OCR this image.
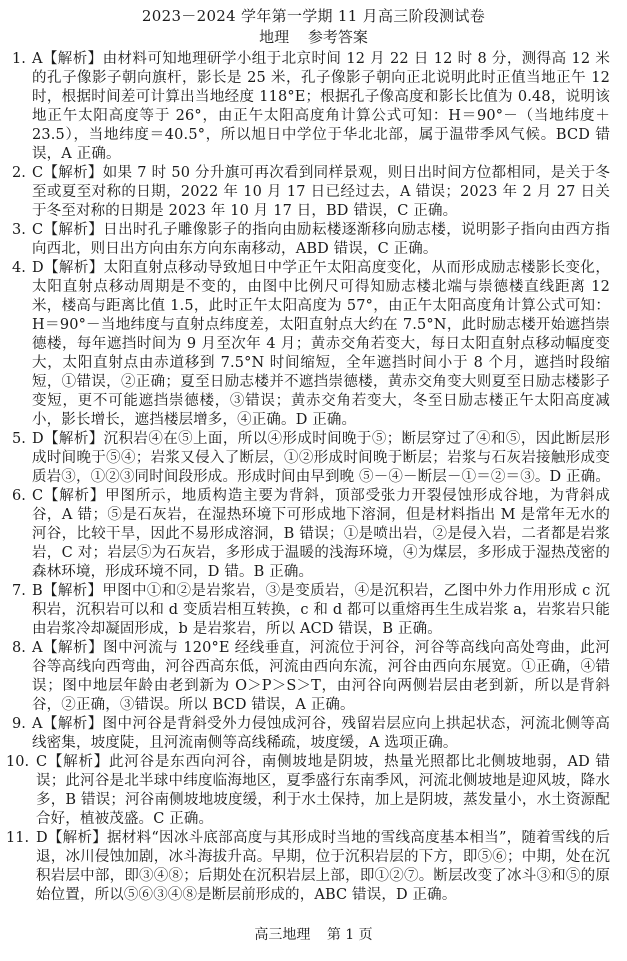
2023－2024 学年第一学期 11 月高三阶段测试卷
地理 参考答案
1. A【解析】由材料可知地理研学小组于北京时间 12 月 22 日 12 时 8 分，测得高 12 米的孔子像影子朝向旗杆，影长是 25 米，孔子像影子朝向正北说明此时正值当地正午 12 时，根据时间差可计算出当地经度 118°E；根据孔子像高度和影长比值为 0.48，说明该地正午太阳高度等于 26°，由正午太阳高度角计算公式可知：H＝90°－（当地纬度＋23.5），当地纬度＝40.5°，所以旭日中学位于华北北部，属于温带季风气候。BCD 错误，A 正确。
2. C【解析】如果 7 时 50 分升旗可再次看到同样景观，则日出时间方位都相同，是关于冬至或夏至对称的日期，2022 年 10 月 17 日已经过去，A 错误；2023 年 2 月 27 日关于冬至对称的日期是 2023 年 10 月 17 日，BD 错误，C 正确。
3. C【解析】日出时孔子雕像影子的指向由励耘楼逐渐移向励志楼，说明影子指向由西方指向西北，则日出方向由东方向东南移动，ABD 错误，C 正确。
4. D【解析】太阳直射点移动导致旭日中学正午太阳高度变化，从而形成励志楼影长变化，太阳直射点移动周期是不变的，由图中比例尺可得知励志楼北端与崇德楼直线距离 12 米，楼高与距离比值 1.5，此时正午太阳高度为 57°，由正午太阳高度角计算公式可知：H＝90°－当地纬度与直射点纬度差，太阳直射点大约在 7.5°N，此时励志楼开始遮挡崇德楼，每年遮挡时间为 9 月至次年 4 月；黄赤交角若变大，每日太阳直射点移动幅度变大，太阳直射点由赤道移到 7.5°N 时间缩短，全年遮挡时间小于 8 个月，遮挡时段缩短，①错误，②正确；夏至日励志楼并不遮挡崇德楼，黄赤交角变大则夏至日励志楼影子变短，更不可能遮挡崇德楼，③错误；黄赤交角若变大，冬至日励志楼正午太阳高度减小，影长增长，遮挡楼层增多，④正确。D 正确。
5. D【解析】沉积岩④在⑤上面，所以④形成时间晚于⑤；断层穿过了④和⑤，因此断层形成时间晚于⑤④；岩浆又侵入了断层，①②形成时间晚于断层；岩浆与石灰岩接触形成变质岩③，①②③同时间段形成。形成时间由早到晚 ⑤－④－断层－①＝②＝③。D 正确。
6. C【解析】甲图所示，地质构造主要为背斜，顶部受张力开裂侵蚀形成谷地，为背斜成谷，A 错；⑤是石灰岩，在湿热环境下可形成地下溶洞，但是材料指出 M 是常年无水的河谷，比较干旱，因此不易形成溶洞，B 错误；①是喷出岩，②是侵入岩，二者都是岩浆岩，C 对；岩层⑤为石灰岩，多形成于温暖的浅海环境，④为煤层，多形成于湿热茂密的森林环境，形成环境不同，D 错。B 正确。
7. B【解析】甲图中①和②是岩浆岩，③是变质岩，④是沉积岩，乙图中外力作用形成 c 沉积岩，沉积岩可以和 d 变质岩相互转换，c 和 d 都可以重熔再生生成岩浆 a，岩浆岩只能由岩浆冷却凝固形成，b 是岩浆岩，所以 ACD 错误，B 正确。
8. A【解析】图中河流与 120°E 经线垂直，河流位于河谷，河谷等高线向高处弯曲，此河谷等高线向西弯曲，河谷西高东低，河流由西向东流，河谷由西向东展宽。①正确，④错误；图中地层年龄由老到新为 O＞P＞S＞T，由河谷向两侧岩层由老到新，所以是背斜谷，②正确，③错误。所以 BCD 错误，A 正确。
9. A【解析】图中河谷是背斜受外力侵蚀成河谷，残留岩层应向上拱起状态，河流北侧等高线密集，坡度陡，且河流南侧等高线稀疏，坡度缓，A 选项正确。
10. C【解析】此河谷是东西向河谷，南侧坡地是阴坡，热量光照都比北侧坡地弱，AD 错误；此河谷是北半球中纬度临海地区，夏季盛行东南季风，河流北侧坡地是迎风坡，降水多，B 错误；河谷南侧坡地坡度缓，利于水土保持，加上是阴坡，蒸发量小，水土资源配合好，植被茂盛。C 正确。
11. D【解析】据材料“因冰斗底部高度与其形成时当地的雪线高度基本相当”，随着雪线的后退，冰川侵蚀加剧，冰斗海拔升高。早期，位于沉积岩层的下方，即⑤⑥；中期，处在沉积岩层中部，即③④⑧；后期处在沉积岩层上部，即①②⑦。断层改变了冰斗③和⑤的原始位置，所以⑤⑥③④⑧是断层前形成的，ABC 错误，D 正确。
高三地理 第 1 页
